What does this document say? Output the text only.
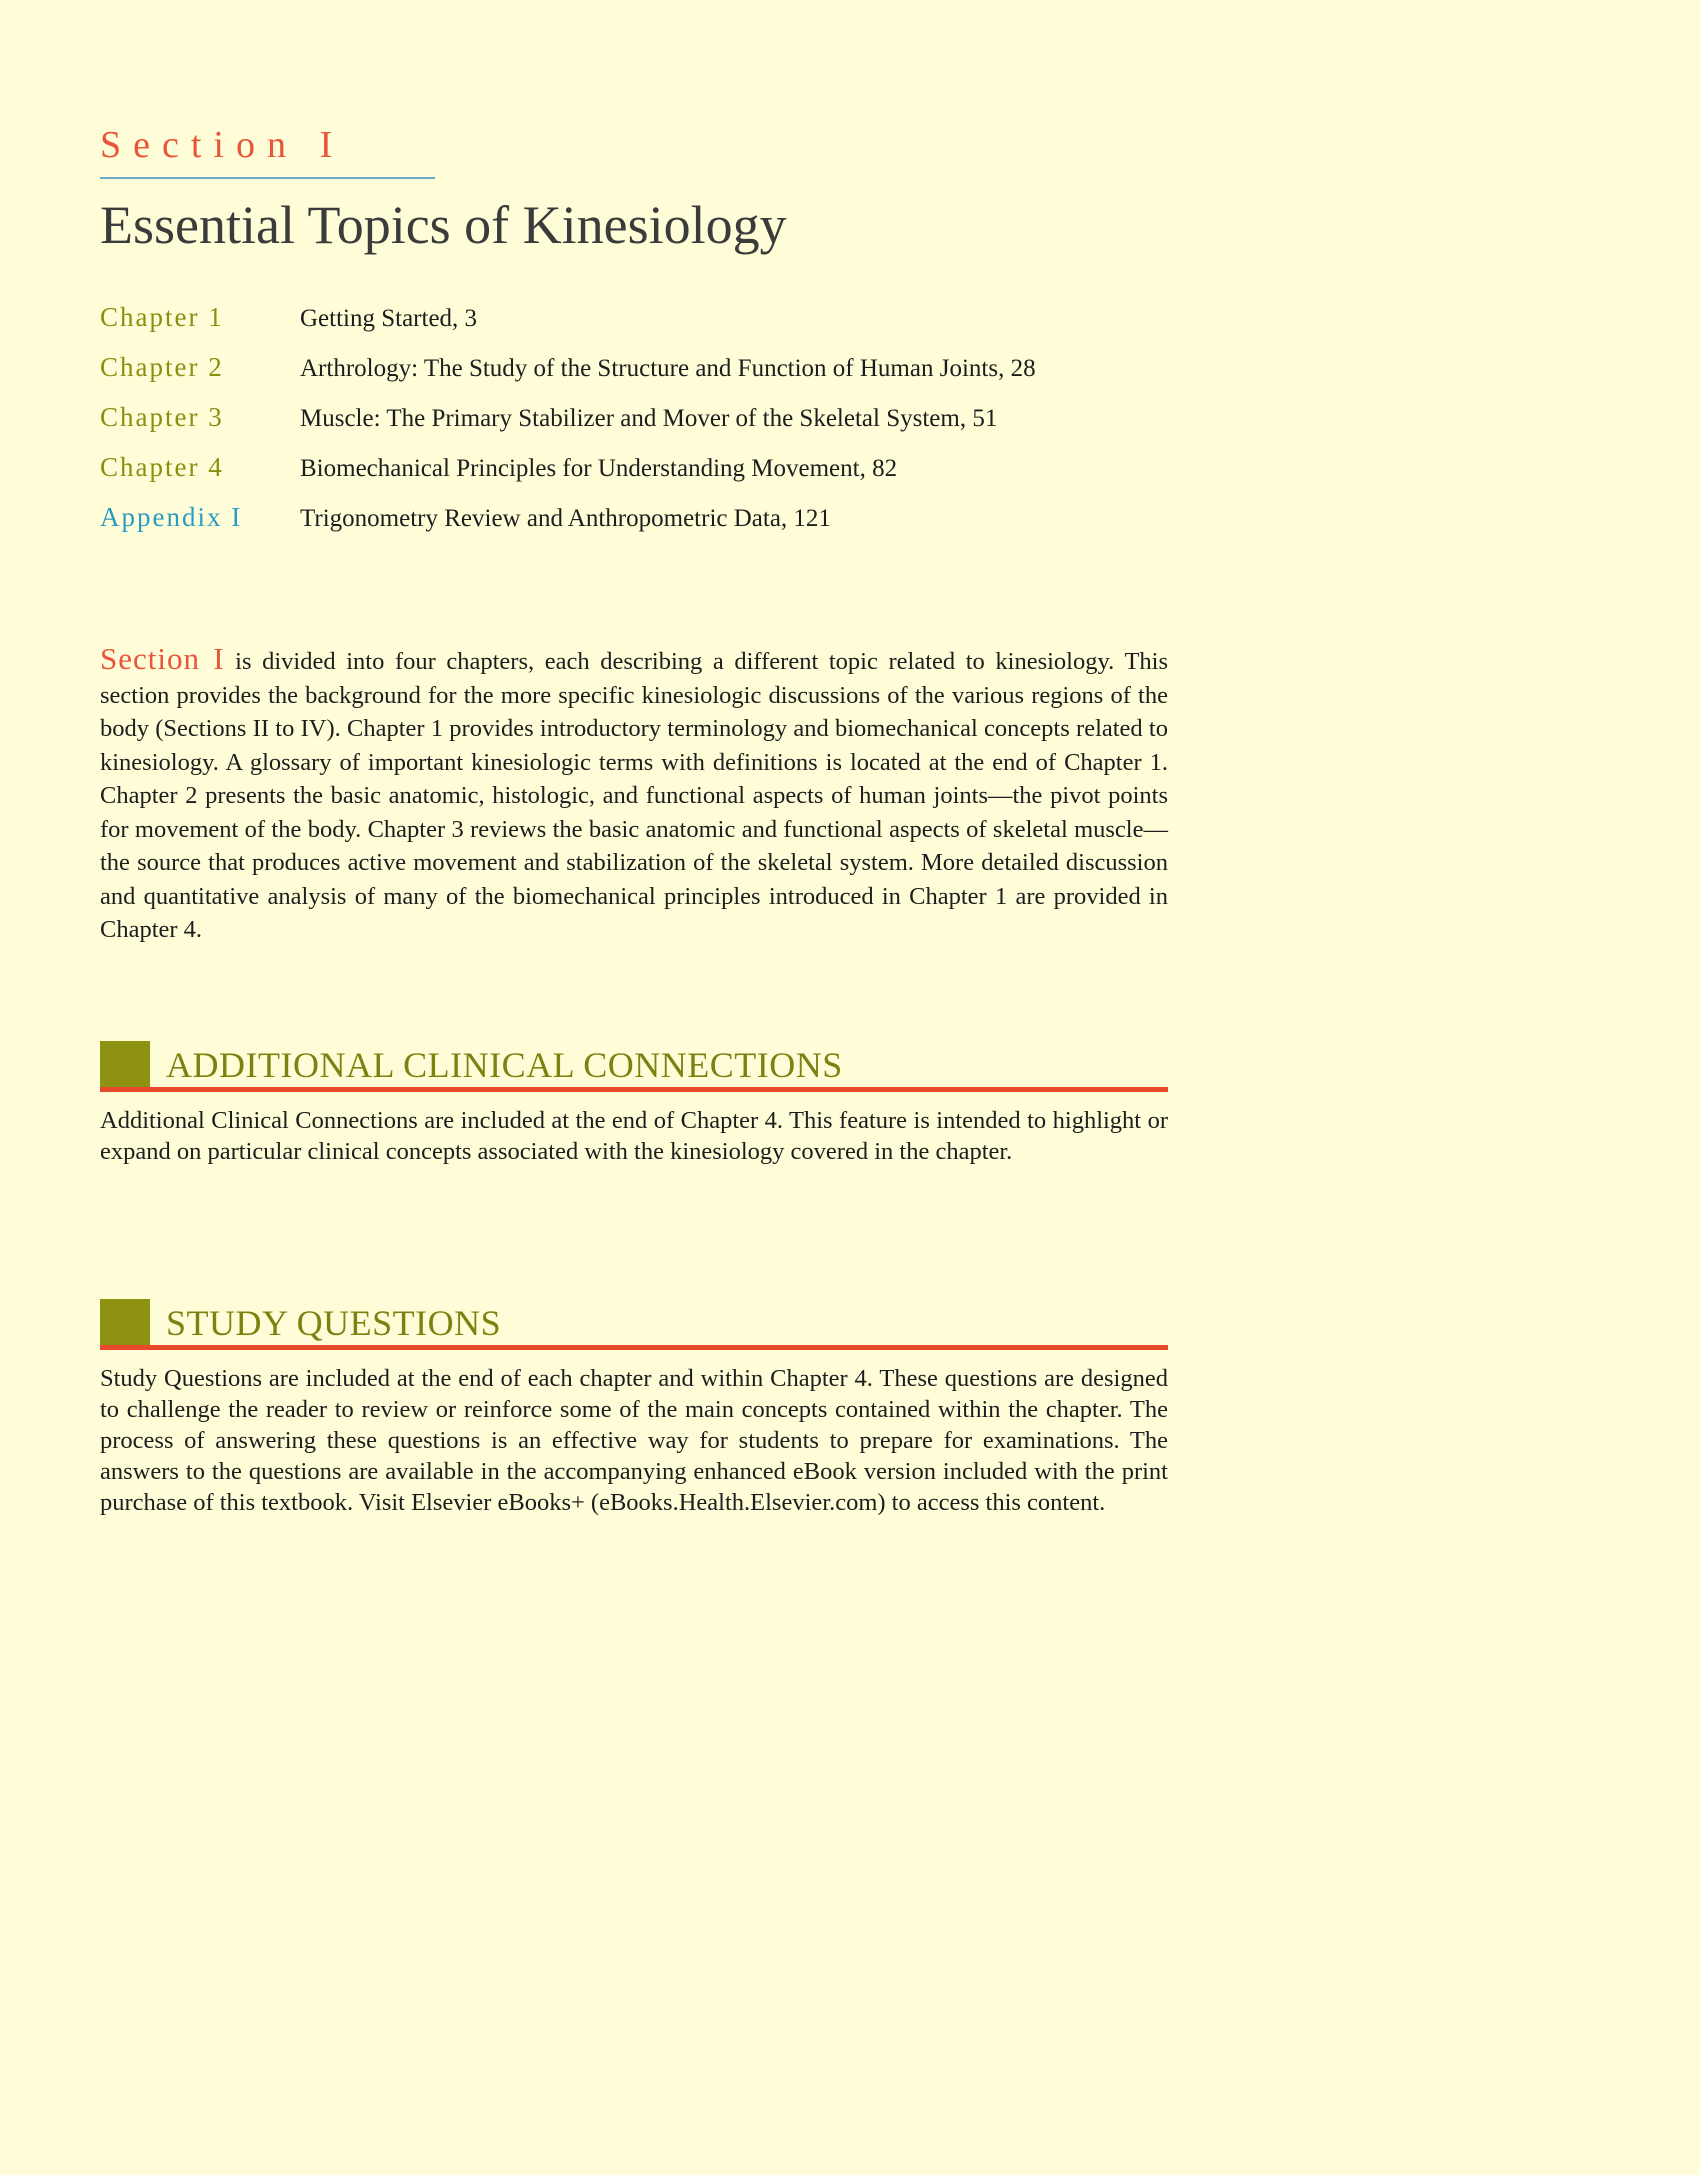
Section I
Essential Topics of Kinesiology
Chapter 1	Getting Started, 3
Chapter 2	Arthrology: The Study of the Structure and Function of Human Joints, 28
Chapter 3	Muscle: The Primary Stabilizer and Mover of the Skeletal System, 51
Chapter 4	Biomechanical Principles for Understanding Movement, 82
Appendix I	Trigonometry Review and Anthropometric Data, 121

Section I is divided into four chapters, each describing a different topic related to kinesiology. This section provides the background for the more specific kinesiologic discussions of the various regions of the body (Sections II to IV). Chapter 1 provides introductory terminology and biomechanical concepts related to kinesiology. A glossary of important kinesiologic terms with definitions is located at the end of Chapter 1. Chapter 2 presents the basic anatomic, histologic, and functional aspects of human joints—the pivot points for movement of the body. Chapter 3 reviews the basic anatomic and functional aspects of skeletal muscle—the source that produces active movement and stabilization of the skeletal system. More detailed discussion and quantitative analysis of many of the biomechanical principles introduced in Chapter 1 are provided in Chapter 4.

ADDITIONAL CLINICAL CONNECTIONS

Additional Clinical Connections are included at the end of Chapter 4. This feature is intended to highlight or expand on particular clinical concepts associated with the kinesiology covered in the chapter.

STUDY QUESTIONS

Study Questions are included at the end of each chapter and within Chapter 4. These questions are designed to challenge the reader to review or reinforce some of the main concepts contained within the chapter. The process of answering these questions is an effective way for students to prepare for examinations. The answers to the questions are available in the accompanying enhanced eBook version included with the print purchase of this textbook. Visit Elsevier eBooks+ (eBooks.Health.Elsevier.com) to access this content.
